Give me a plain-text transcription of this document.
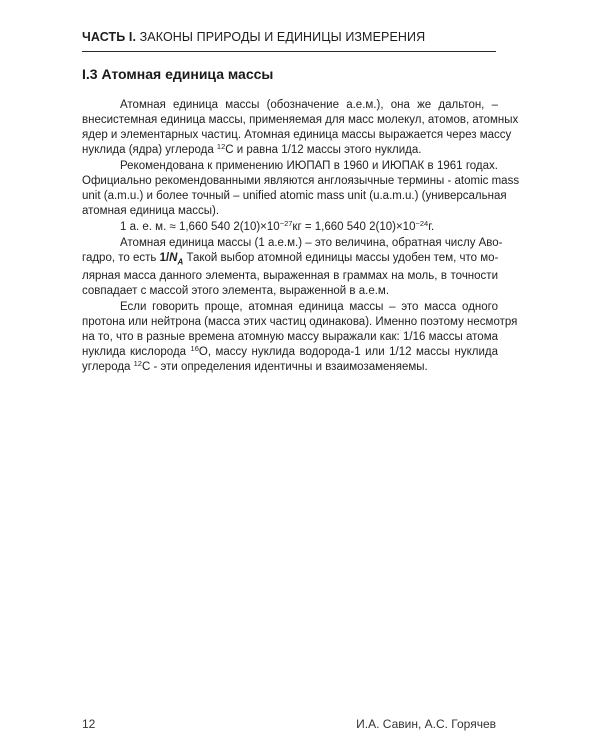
ЧАСТЬ I. ЗАКОНЫ ПРИРОДЫ И ЕДИНИЦЫ ИЗМЕРЕНИЯ
I.3 Атомная единица массы
Атомная единица массы (обозначение а.е.м.), она же дальтон, –
внесистемная единица массы, применяемая для масс молекул, атомов, атомных
ядер и элементарных частиц. Атомная единица массы выражается через массу
нуклида (ядра) углерода $^{12}$C и равна 1/12 массы этого нуклида.
Рекомендована к применению ИЮПАП в 1960 и ИЮПАК в 1961 годах.
Официально рекомендованными являются англоязычные термины - atomic mass
unit (a.m.u.) и более точный – unified atomic mass unit (u.a.m.u.) (универсальная
атомная единица массы).
1 а. е. м. ≈ 1,660 540 $2(10)\times 10^{-27}кг = 1,660$ 540 $2(10)\times 10^{-24}г$.
Атомная единица массы (1 а.е.м.) – это величина, обратная числу Аво-
гадро, то есть $1/N_A$ Такой выбор атомной единицы массы удобен тем, что мо-
лярная масса данного элемента, выраженная в граммах на моль, в точности
совпадает с массой этого элемента, выраженной в а.е.м.
Если говорить проще, атомная единица массы – это масса одного
протона или нейтрона (масса этих частиц одинакова). Именно поэтому несмотря
на то, что в разные времена атомную массу выражали как: 1/16 массы атома
нуклида кислорода $^{16}$O, массу нуклида водорода-1 или 1/12 массы нуклида
углерода $^{12}$C - эти определения идентичны и взаимозаменяемы.
12	И.А. Савин, А.С. Горячев
